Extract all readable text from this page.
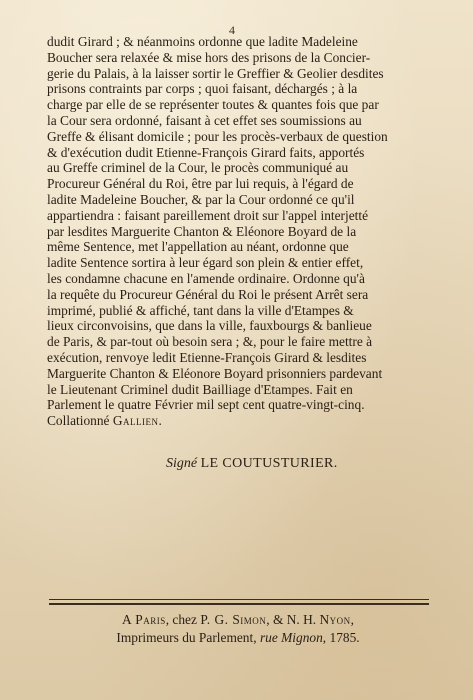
4
dudit Girard ; & néanmoins ordonne que ladite Madeleine
Boucher sera relaxée & mise hors des prisons de la Concier-
gerie du Palais, à la laisser sortir le Greffier & Geolier desdites
prisons contraints par corps ; quoi faisant, déchargés ; à la
charge par elle de se représenter toutes & quantes fois que par
la Cour sera ordonné, faisant à cet effet ses soumissions au
Greffe & élisant domicile ; pour les procès-verbaux de question
& d'exécution dudit Etienne-François Girard faits, apportés
au Greffe criminel de la Cour, le procès communiqué au
Procureur Général du Roi, être par lui requis, à l'égard de
ladite Madeleine Boucher, & par la Cour ordonné ce qu'il
appartiendra : faisant pareillement droit sur l'appel interjetté
par lesdites Marguerite Chanton & Eléonore Boyard de la
même Sentence, met l'appellation au néant, ordonne que
ladite Sentence sortira à leur égard son plein & entier effet,
les condamne chacune en l'amende ordinaire. Ordonne qu'à
la requête du Procureur Général du Roi le présent Arrêt sera
imprimé, publié & affiché, tant dans la ville d'Etampes &
lieux circonvoisins, que dans la ville, fauxbourgs & banlieue
de Paris, & par-tout où besoin sera ; &, pour le faire mettre à
exécution, renvoye ledit Etienne-François Girard & lesdites
Marguerite Chanton & Eléonore Boyard prisonniers pardevant
le Lieutenant Criminel dudit Bailliage d'Etampes. Fait en
Parlement le quatre Février mil sept cent quatre-vingt-cinq.
Collationné Gallien.
Signé LE COUTUSTURIER.
A Paris, chez P. G. Simon, & N. H. Nyon,
Imprimeurs du Parlement, rue Mignon, 1785.
